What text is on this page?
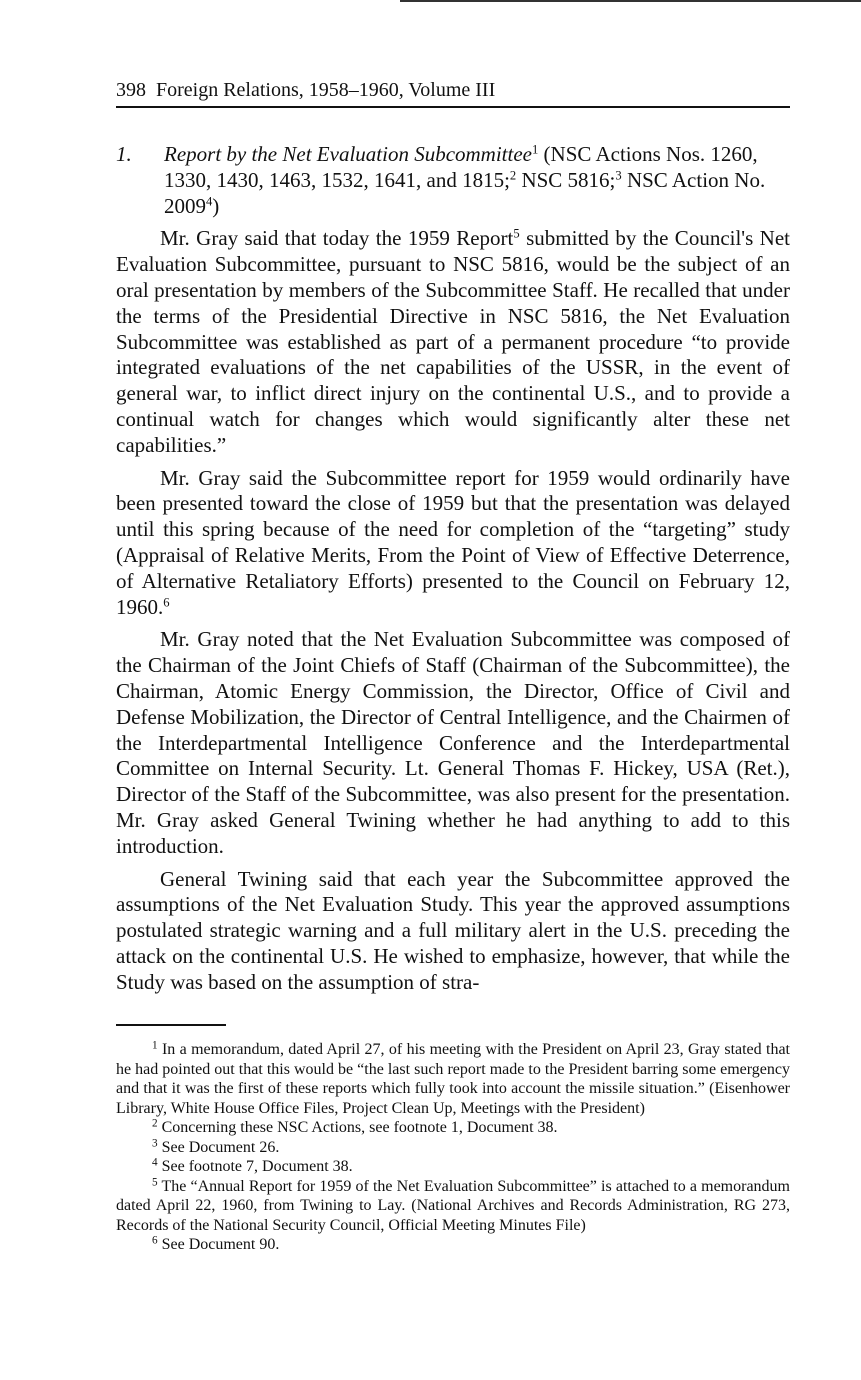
398 Foreign Relations, 1958–1960, Volume III

1. Report by the Net Evaluation Subcommittee$^1$ (NSC Actions Nos. 1260, 1330, 1430, 1463, 1532, 1641, and 1815;$^2$ NSC 5816;$^3$ NSC Action No. 2009$^4$)

Mr. Gray said that today the 1959 Report$^5$ submitted by the Council's Net Evaluation Subcommittee, pursuant to NSC 5816, would be the subject of an oral presentation by members of the Subcommittee Staff. He recalled that under the terms of the Presidential Directive in NSC 5816, the Net Evaluation Subcommittee was established as part of a permanent procedure “to provide integrated evaluations of the net capabilities of the USSR, in the event of general war, to inflict direct injury on the continental U.S., and to provide a continual watch for changes which would significantly alter these net capabilities.”

Mr. Gray said the Subcommittee report for 1959 would ordinarily have been presented toward the close of 1959 but that the presentation was delayed until this spring because of the need for completion of the “targeting” study (Appraisal of Relative Merits, From the Point of View of Effective Deterrence, of Alternative Retaliatory Efforts) presented to the Council on February 12, 1960.$^6$

Mr. Gray noted that the Net Evaluation Subcommittee was composed of the Chairman of the Joint Chiefs of Staff (Chairman of the Subcommittee), the Chairman, Atomic Energy Commission, the Director, Office of Civil and Defense Mobilization, the Director of Central Intelligence, and the Chairmen of the Interdepartmental Intelligence Conference and the Interdepartmental Committee on Internal Security. Lt. General Thomas F. Hickey, USA (Ret.), Director of the Staff of the Subcommittee, was also present for the presentation. Mr. Gray asked General Twining whether he had anything to add to this introduction.

General Twining said that each year the Subcommittee approved the assumptions of the Net Evaluation Study. This year the approved assumptions postulated strategic warning and a full military alert in the U.S. preceding the attack on the continental U.S. He wished to emphasize, however, that while the Study was based on the assumption of stra-

$^1$ In a memorandum, dated April 27, of his meeting with the President on April 23, Gray stated that he had pointed out that this would be “the last such report made to the President barring some emergency and that it was the first of these reports which fully took into account the missile situation.” (Eisenhower Library, White House Office Files, Project Clean Up, Meetings with the President)

$^2$ Concerning these NSC Actions, see footnote 1, Document 38.

$^3$ See Document 26.

$^4$ See footnote 7, Document 38.

$^5$ The “Annual Report for 1959 of the Net Evaluation Subcommittee” is attached to a memorandum dated April 22, 1960, from Twining to Lay. (National Archives and Records Administration, RG 273, Records of the National Security Council, Official Meeting Minutes File)

$^6$ See Document 90.
